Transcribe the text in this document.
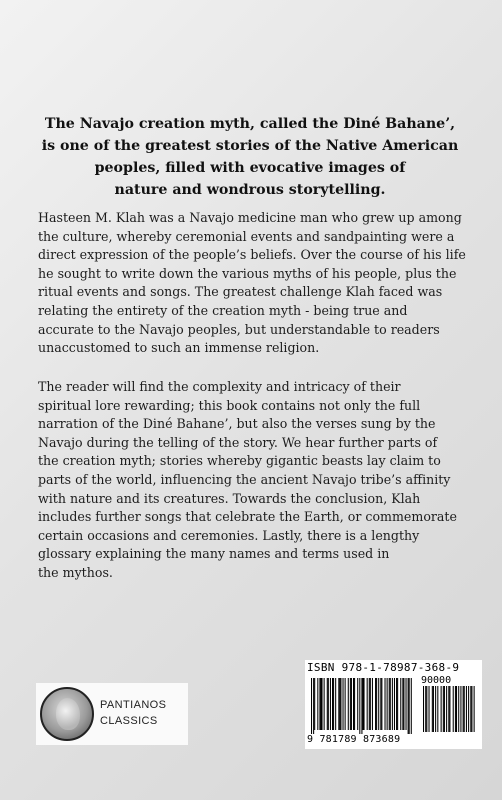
The Navajo creation myth, called the Diné Bahane’,
is one of the greatest stories of the Native American
peoples, filled with evocative images of
nature and wondrous storytelling.
Hasteen M. Klah was a Navajo medicine man who grew up among
the culture, whereby ceremonial events and sandpainting were a
direct expression of the people’s beliefs. Over the course of his life
he sought to write down the various myths of his people, plus the
ritual events and songs. The greatest challenge Klah faced was
relating the entirety of the creation myth - being true and
accurate to the Navajo peoples, but understandable to readers
unaccustomed to such an immense religion.
The reader will find the complexity and intricacy of their
spiritual lore rewarding; this book contains not only the full
narration of the Diné Bahane’, but also the verses sung by the
Navajo during the telling of the story. We hear further parts of
the creation myth; stories whereby gigantic beasts lay claim to
parts of the world, influencing the ancient Navajo tribe’s affinity
with nature and its creatures. Towards the conclusion, Klah
includes further songs that celebrate the Earth, or commemorate
certain occasions and ceremonies. Lastly, there is a lengthy
glossary explaining the many names and terms used in
the mythos.
PANTIANOS
CLASSICS
ISBN 978-1-78987-368-9
90000
9 781789 873689
